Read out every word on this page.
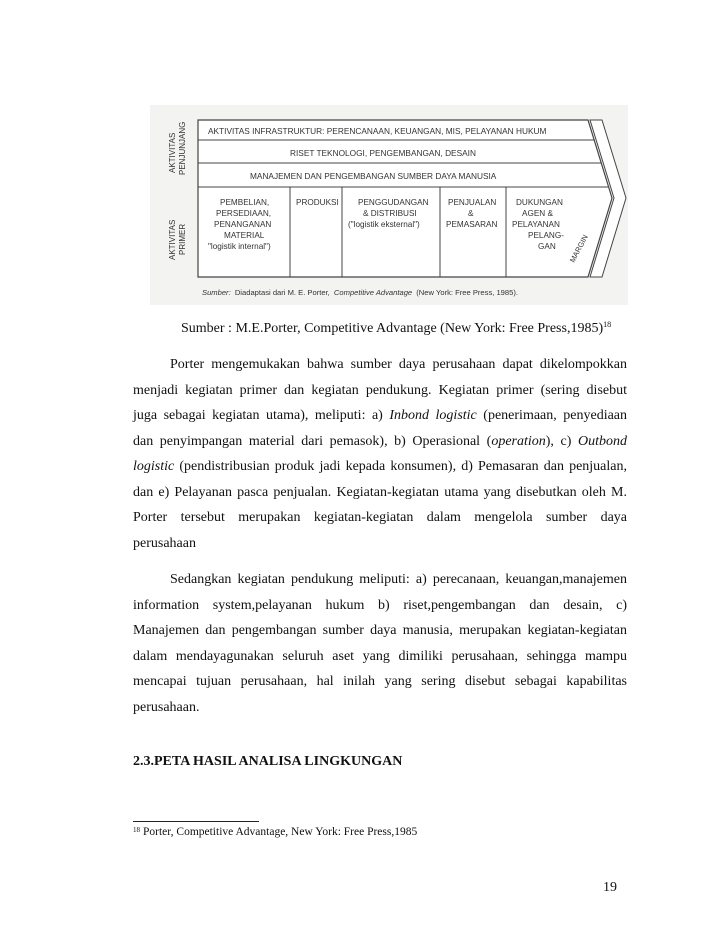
AKTIVITAS PENJUNJANG
AKTIVITAS PRIMER
AKTIVITAS INFRASTRUKTUR: PERENCANAAN, KEUANGAN, MIS, PELAYANAN HUKUM
RISET TEKNOLOGI, PENGEMBANGAN, DESAIN
MANAJEMEN DAN PENGEMBANGAN SUMBER DAYA MANUSIA
PEMBELIAN,
PERSEDIAAN,
PENANGANAN
MATERIAL
"logistik internal")
PRODUKSI PENGGUDANGAN
& DISTRIBUSI
("logistik eksternal")
PENJUALAN
&
PEMASARAN
DUKUNGAN
AGEN &
PELAYANAN
PELANG-
GAN MARGIN
Sumber: Diadaptasi dari M. E. Porter, Competitive Advantage (New York: Free Press, 1985).
Sumber : M.E.Porter, Competitive Advantage (New York: Free Press,1985)$^{18}$
Porter mengemukakan bahwa sumber daya perusahaan dapat dikelompokkan
menjadi kegiatan primer dan kegiatan pendukung. Kegiatan primer (sering disebut
juga sebagai kegiatan utama), meliputi: a) Inbond logistic (penerimaan, penyediaan
dan penyimpangan material dari pemasok), b) Operasional (operation), c) Outbond
logistic (pendistribusian produk jadi kepada konsumen), d) Pemasaran dan penjualan,
dan e) Pelayanan pasca penjualan. Kegiatan-kegiatan utama yang disebutkan oleh M.
Porter tersebut merupakan kegiatan-kegiatan dalam mengelola sumber daya
perusahaan
Sedangkan kegiatan pendukung meliputi: a) perecanaan, keuangan,manajemen
information system,pelayanan hukum b) riset,pengembangan dan desain, c)
Manajemen dan pengembangan sumber daya manusia, merupakan kegiatan-kegiatan
dalam mendayagunakan seluruh aset yang dimiliki perusahaan, sehingga mampu
mencapai tujuan perusahaan, hal inilah yang sering disebut sebagai kapabilitas
perusahaan.
2.3.PETA HASIL ANALISA LINGKUNGAN
$^{18}$ Porter, Competitive Advantage, New York: Free Press,1985
19
